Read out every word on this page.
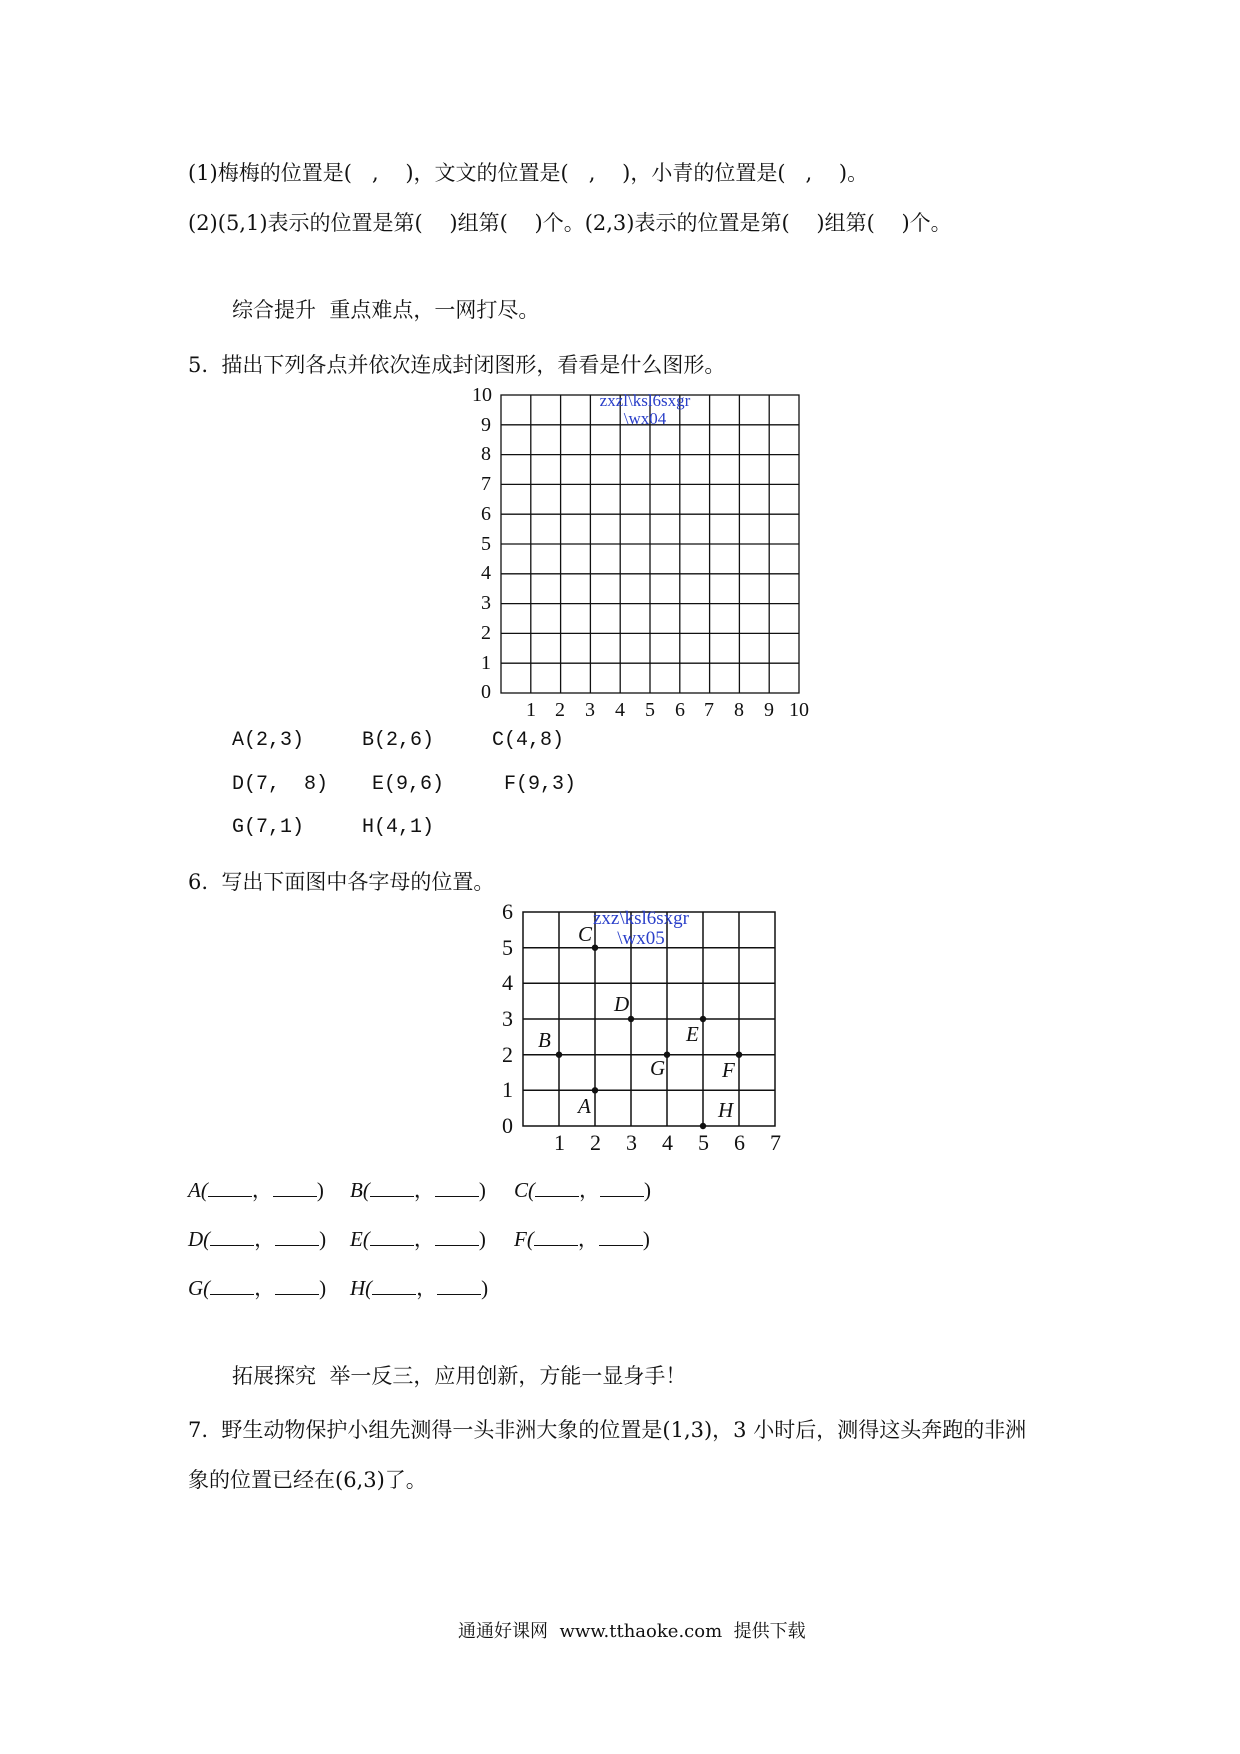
(1)梅梅的位置是(   ,    )，文文的位置是(   ,    )，小青的位置是(   ,    )。
(2)(5,1)表示的位置是第(    )组第(    )个。(2,3)表示的位置是第(    )组第(    )个。
综合提升  重点难点，一网打尽。
5.  描出下列各点并依次连成封闭图形，看看是什么图形。
10
9
8
7
6
5
4
3
2
1
0
1 2 3 4 5 6 7 8 9 10
zxzl\ksl6sxgr
\wx04
A(2,3)	B(2,6)	C(4,8)
D(7,  8) E(9,6)	F(9,3)
G(7,1)	H(4,1)
6.  写出下面图中各字母的位置。
6
5
4
3
2
1
0
1 2 3 4 5 6 7
A
B
C
D
E
F
G
H
zxz\ksl6sxgr
\wx05
A( ， ) B( ， ) C( ， )
D( ， ) E( ， ) F( ， )
G( ， ) H( ， )
拓展探究  举一反三，应用创新，方能一显身手！
7.  野生动物保护小组先测得一头非洲大象的位置是(1,3)，3 小时后，测得这头奔跑的非洲
象的位置已经在(6,3)了。
通通好课网  www.tthaoke.com  提供下载
